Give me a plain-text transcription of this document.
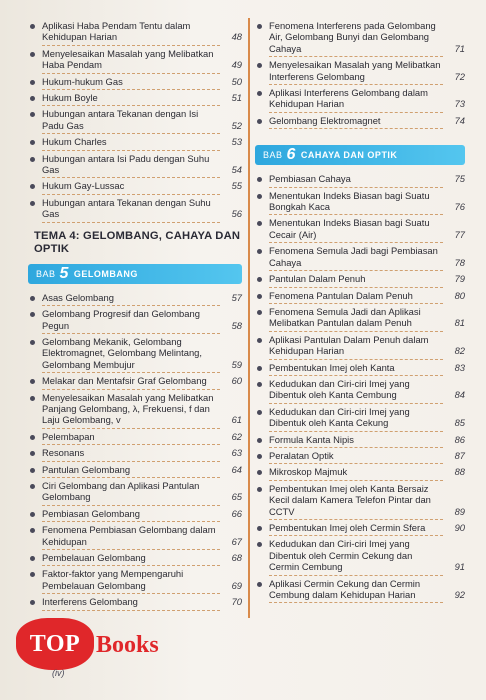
Aplikasi Haba Pendam Tentu dalam Kehidupan Harian	48
Menyelesaikan Masalah yang Melibatkan Haba Pendam	49
Hukum-hukum Gas	50
Hukum Boyle	51
Hubungan antara Tekanan dengan Isi Padu Gas	52
Hukum Charles	53
Hubungan antara Isi Padu dengan Suhu Gas	54
Hukum Gay-Lussac	55
Hubungan antara Tekanan dengan Suhu Gas	56
TEMA 4: GELOMBANG, CAHAYA DAN OPTIK
BAB 5 GELOMBANG
Asas Gelombang	57
Gelombang Progresif dan Gelombang Pegun	58
Gelombang Mekanik, Gelombang Elektromagnet, Gelombang Melintang, Gelombang Membujur	59
Melakar dan Mentafsir Graf Gelombang	60
Menyelesaikan Masalah yang Melibatkan Panjang Gelombang, λ, Frekuensi, f dan Laju Gelombang, v	61
Pelembapan	62
Resonans	63
Pantulan Gelombang	64
Ciri Gelombang dan Aplikasi Pantulan Gelombang	65
Pembiasan Gelombang	66
Fenomena Pembiasan Gelombang dalam Kehidupan	67
Pembelauan Gelombang	68
Faktor-faktor yang Mempengaruhi Pembelauan Gelombang	69
Interferens Gelombang	70
Fenomena Interferens pada Gelombang Air, Gelombang Bunyi dan Gelombang Cahaya	71
Menyelesaikan Masalah yang Melibatkan Interferens Gelombang	72
Aplikasi Interferens Gelombang dalam Kehidupan Harian	73
Gelombang Elektromagnet	74
BAB 6 CAHAYA DAN OPTIK
Pembiasan Cahaya	75
Menentukan Indeks Biasan bagi Suatu Bongkah Kaca	76
Menentukan Indeks Biasan bagi Suatu Cecair (Air)	77
Fenomena Semula Jadi bagi Pembiasan Cahaya	78
Pantulan Dalam Penuh	79
Fenomena Pantulan Dalam Penuh	80
Fenomena Semula Jadi dan Aplikasi Melibatkan Pantulan dalam Penuh	81
Aplikasi Pantulan Dalam Penuh dalam Kehidupan Harian	82
Pembentukan Imej oleh Kanta	83
Kedudukan dan Ciri-ciri Imej yang Dibentuk oleh Kanta Cembung	84
Kedudukan dan Ciri-ciri Imej yang Dibentuk oleh Kanta Cekung	85
Formula Kanta Nipis	86
Peralatan Optik	87
Mikroskop Majmuk	88
Pembentukan Imej oleh Kanta Bersaiz Kecil dalam Kamera Telefon Pintar dan CCTV	89
Pembentukan Imej oleh Cermin Sfera	90
Kedudukan dan Ciri-ciri Imej yang Dibentuk oleh Cermin Cekung dan Cermin Cembung	91
Aplikasi Cermin Cekung dan Cermin Cembung dalam Kehidupan Harian	92
TOP Books
(iv)
